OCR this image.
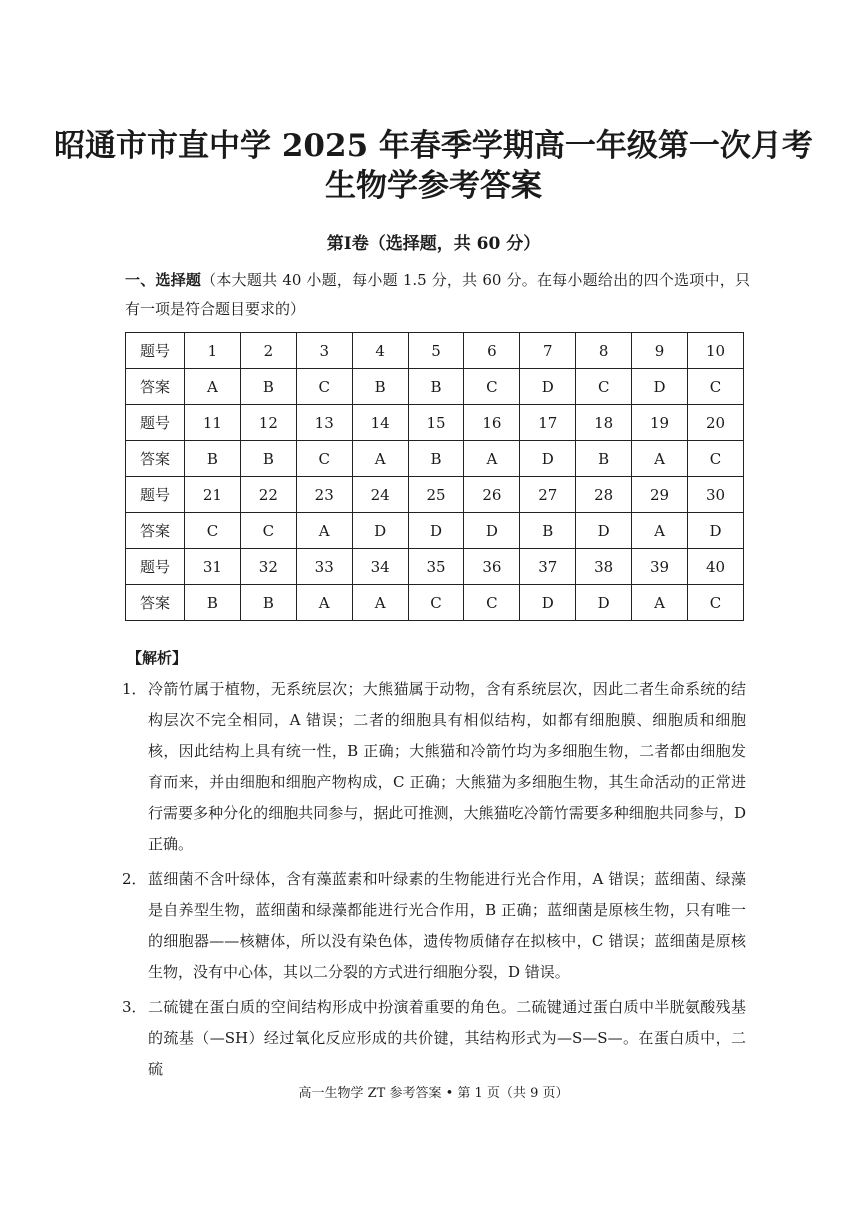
昭通市市直中学 2025 年春季学期高一年级第一次月考
生物学参考答案
第Ⅰ卷（选择题，共 60 分）
一、选择题（本大题共 40 小题，每小题 1.5 分，共 60 分。在每小题给出的四个选项中，只有一项是符合题目要求的）
题号	1	2	3	4	5	6	7	8	9	10
答案	A	B	C	B	B	C	D	C	D	C
题号	11	12	13	14	15	16	17	18	19	20
答案	B	B	C	A	B	A	D	B	A	C
题号	21	22	23	24	25	26	27	28	29	30
答案	C	C	A	D	D	D	B	D	A	D
题号	31	32	33	34	35	36	37	38	39	40
答案	B	B	A	A	C	C	D	D	A	C
【解析】
1． 冷箭竹属于植物，无系统层次；大熊猫属于动物，含有系统层次，因此二者生命系统的结构层次不完全相同，A 错误；二者的细胞具有相似结构，如都有细胞膜、细胞质和细胞核，因此结构上具有统一性，B 正确；大熊猫和冷箭竹均为多细胞生物，二者都由细胞发育而来，并由细胞和细胞产物构成，C 正确；大熊猫为多细胞生物，其生命活动的正常进行需要多种分化的细胞共同参与，据此可推测，大熊猫吃冷箭竹需要多种细胞共同参与，D 正确。
2． 蓝细菌不含叶绿体，含有藻蓝素和叶绿素的生物能进行光合作用，A 错误；蓝细菌、绿藻是自养型生物，蓝细菌和绿藻都能进行光合作用，B 正确；蓝细菌是原核生物，只有唯一的细胞器——核糖体，所以没有染色体，遗传物质储存在拟核中，C 错误；蓝细菌是原核生物，没有中心体，其以二分裂的方式进行细胞分裂，D 错误。
3． 二硫键在蛋白质的空间结构形成中扮演着重要的角色。二硫键通过蛋白质中半胱氨酸残基的巯基（—SH）经过氧化反应形成的共价键，其结构形式为—S—S—。在蛋白质中，二硫
高一生物学 ZT 参考答案 • 第 1 页（共 9 页）
